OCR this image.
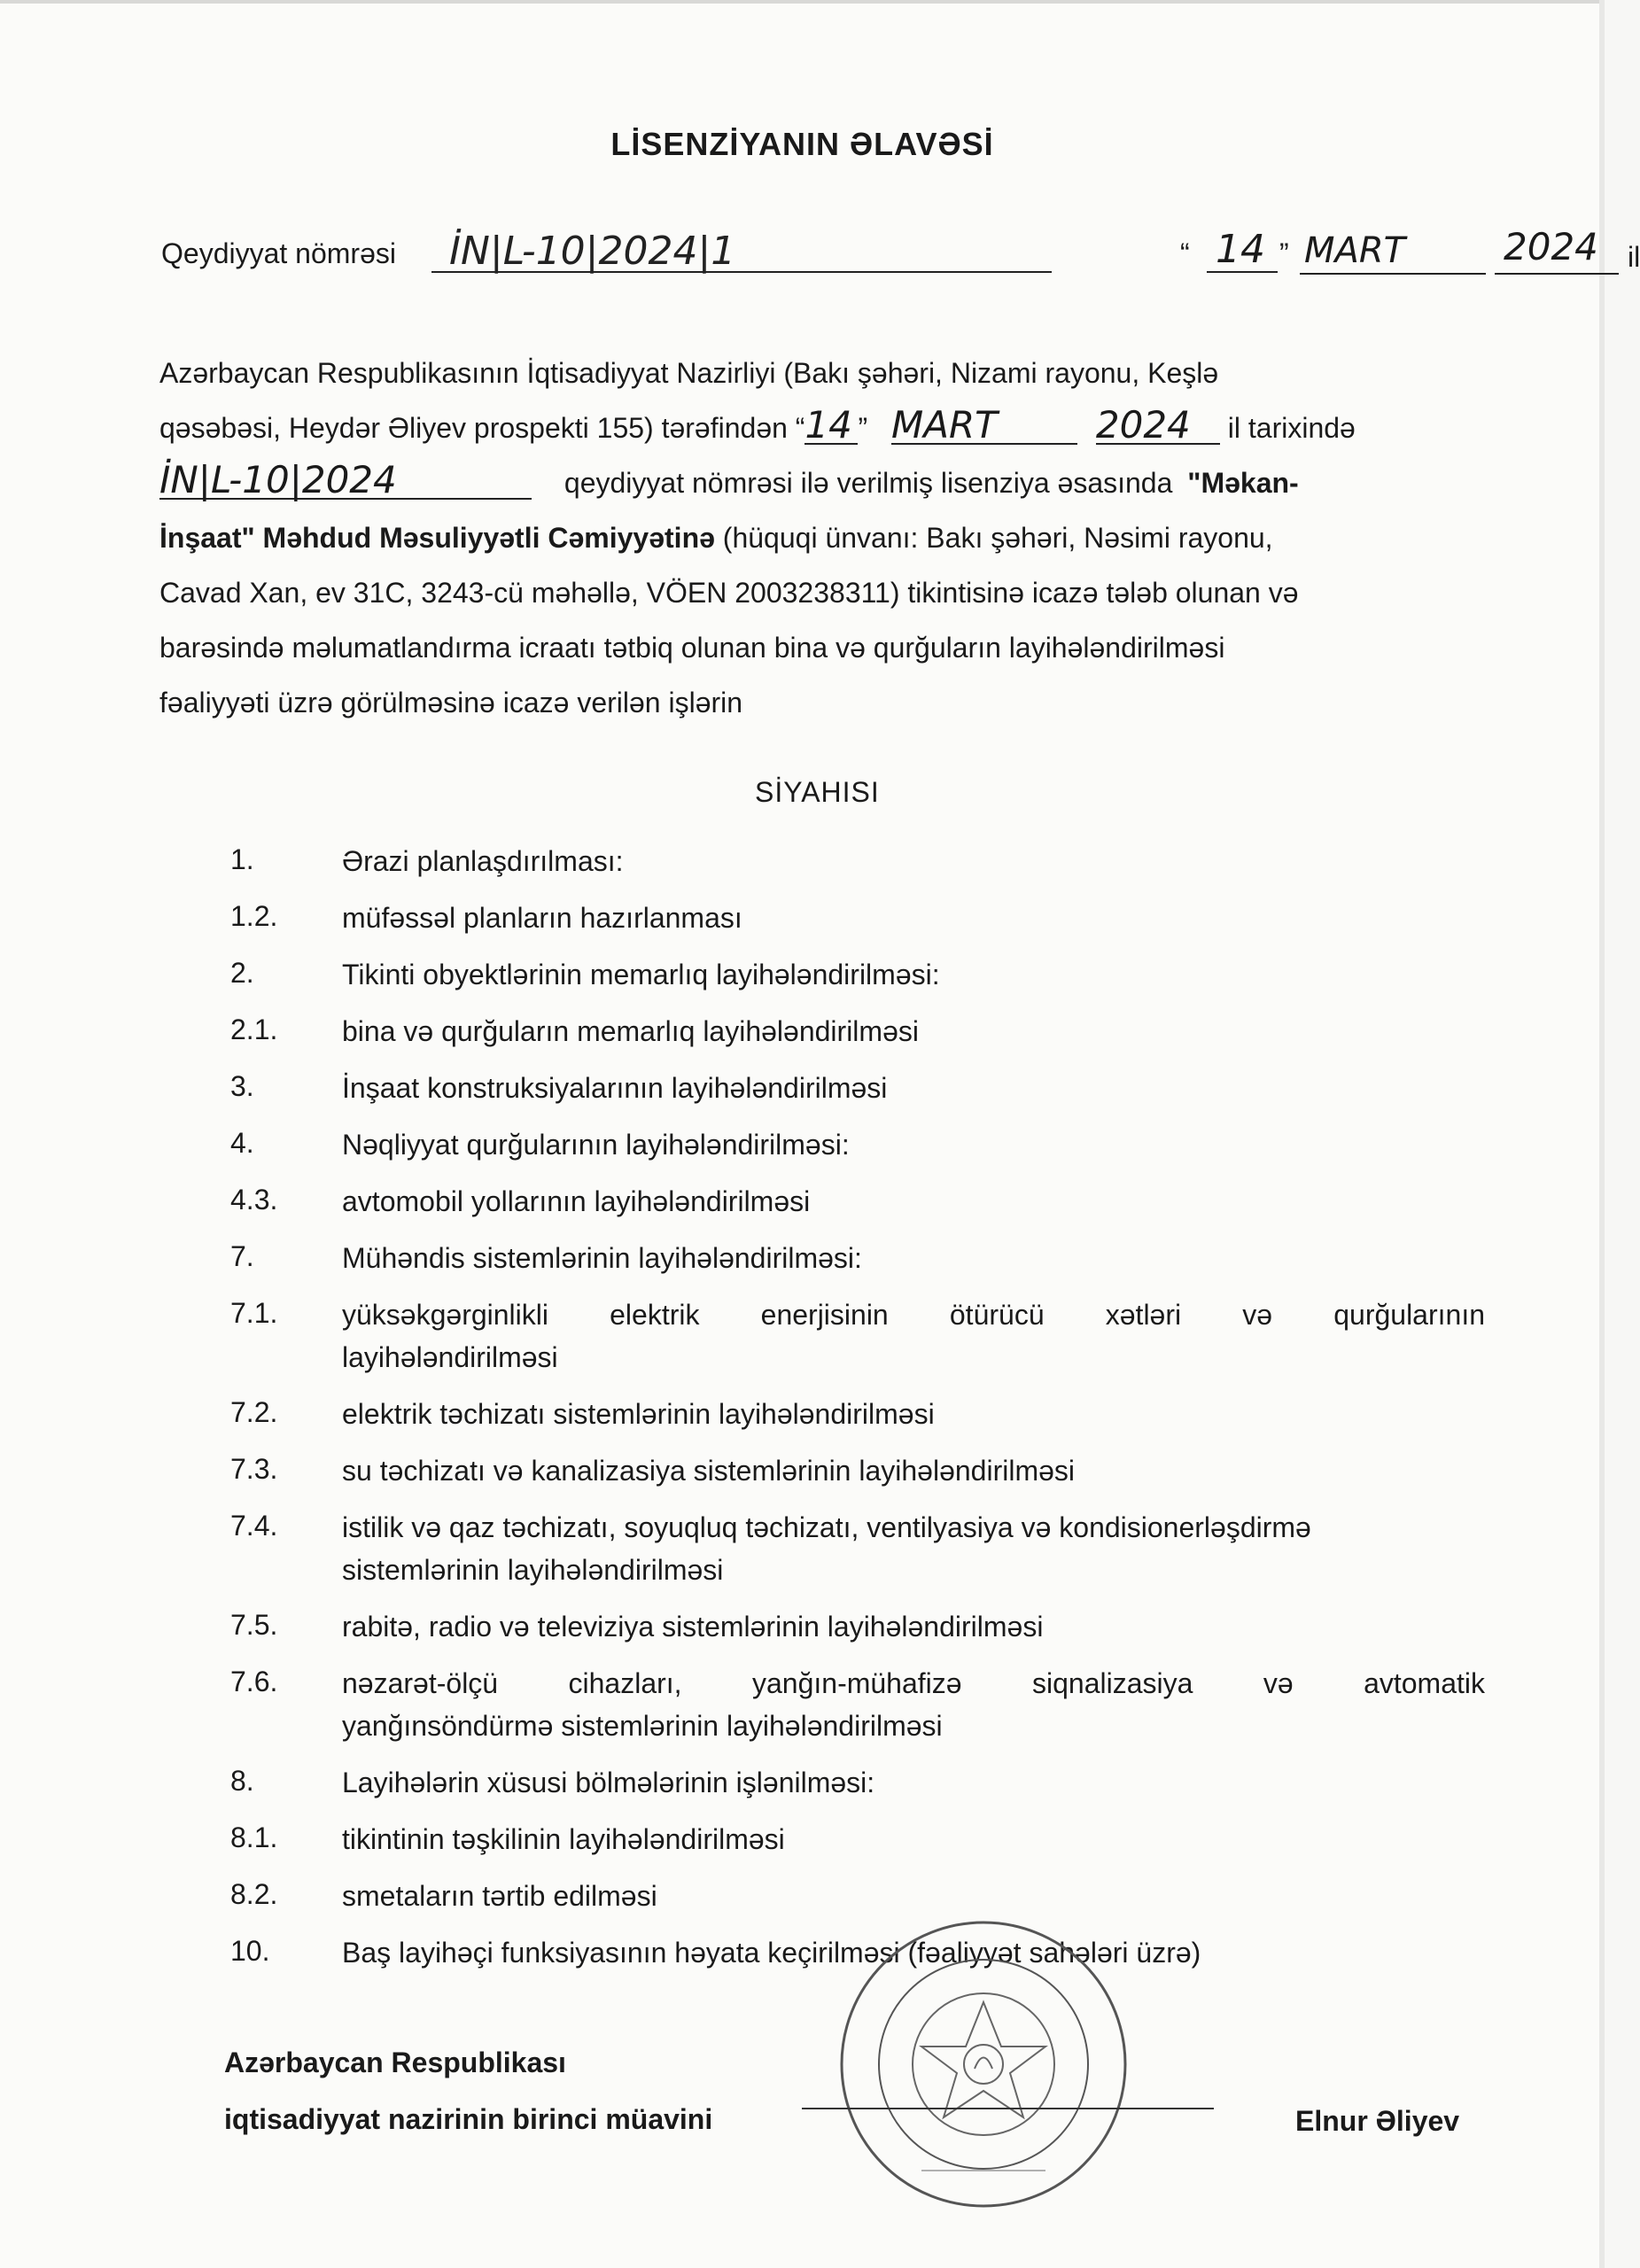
LİSENZİYANIN ƏLAVƏSİ
Qeydiyyat nömrəsi İN|L-10|2024|1	“ 14 ” MART	2024 il
Azərbaycan Respublikasının İqtisadiyyat Nazirliyi (Bakı şəhəri, Nizami rayonu, Keşlə
qəsəbəsi, Heydər Əliyev prospekti 155) tərəfindən “14 ” MART	2024 il tarixində
İN|L-10|2024	qeydiyyat nömrəsi ilə verilmiş lisenziya əsasında "Məkan-
İnşaat" Məhdud Məsuliyyətli Cəmiyyətinə (hüquqi ünvanı: Bakı şəhəri, Nəsimi rayonu,
Cavad Xan, ev 31C, 3243-cü məhəllə, VÖEN 2003238311) tikintisinə icazə tələb olunan və
barəsində məlumatlandırma icraatı tətbiq olunan bina və qurğuların layihələndirilməsi
fəaliyyəti üzrə görülməsinə icazə verilən işlərin
SİYAHISI
1.	Ərazi planlaşdırılması:
1.2. müfəssəl planların hazırlanması
2.	Tikinti obyektlərinin memarlıq layihələndirilməsi:
2.1. bina və qurğuların memarlıq layihələndirilməsi
3.	İnşaat konstruksiyalarının layihələndirilməsi
4.	Nəqliyyat qurğularının layihələndirilməsi:
4.3. avtomobil yollarının layihələndirilməsi
7.	Mühəndis sistemlərinin layihələndirilməsi:
7.1. yüksəkgərginlikli elektrik enerjisinin ötürücü xətləri və qurğularının
layihələndirilməsi
7.2. elektrik təchizatı sistemlərinin layihələndirilməsi
7.3. su təchizatı və kanalizasiya sistemlərinin layihələndirilməsi
7.4. istilik və qaz təchizatı, soyuqluq təchizatı, ventilyasiya və kondisionerləşdirmə
sistemlərinin layihələndirilməsi
7.5. rabitə, radio və televiziya sistemlərinin layihələndirilməsi
7.6. nəzarət-ölçü cihazları, yanğın-mühafizə siqnalizasiya və avtomatik
yanğınsöndürmə sistemlərinin layihələndirilməsi
8.	Layihələrin xüsusi bölmələrinin işlənilməsi:
8.1. tikintinin təşkilinin layihələndirilməsi
8.2. smetaların tərtib edilməsi
10.	Baş layihəçi funksiyasının həyata keçirilməsi (fəaliyyət sahələri üzrə)
Azərbaycan Respublikası
iqtisadiyyat nazirinin birinci müavini	Elnur Əliyev
